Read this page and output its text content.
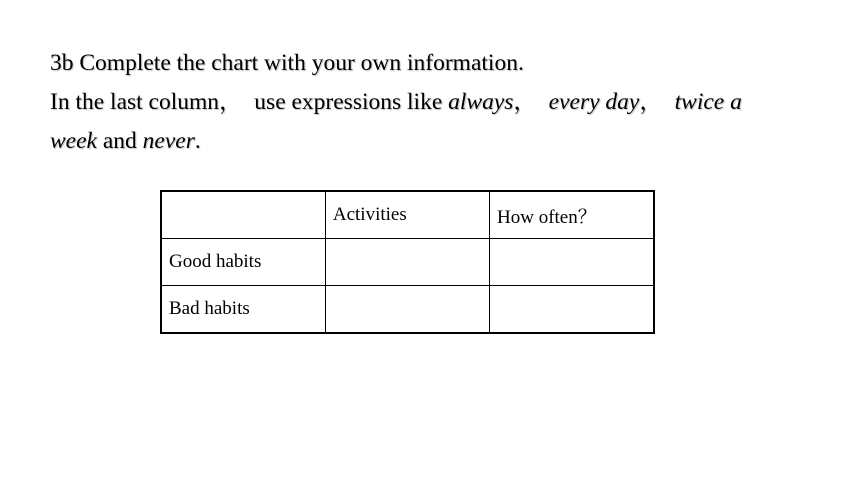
3b Complete the chart with your own information.
In the last column，  use expressions like always，  every day，  twice a
week and never.
	Activities	How often？
Good habits		
Bad habits		
